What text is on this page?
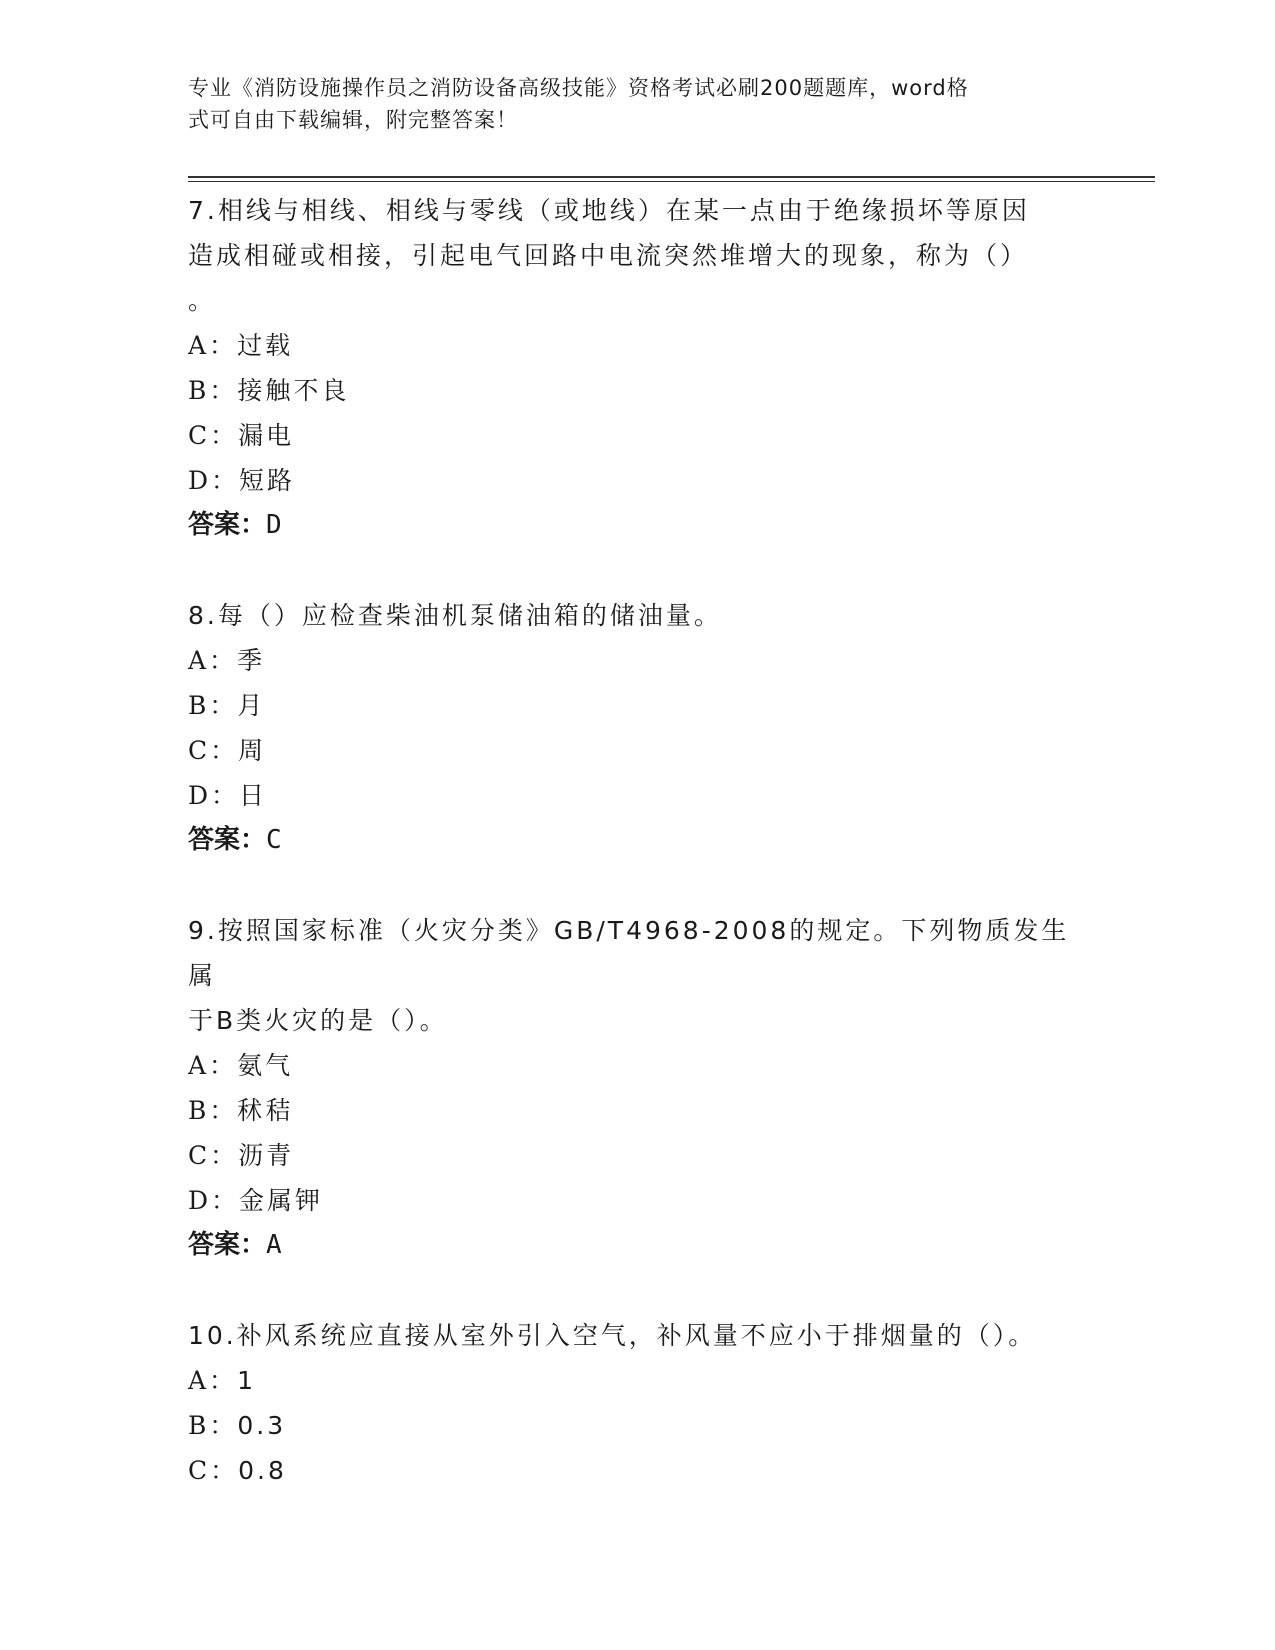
专业《消防设施操作员之消防设备高级技能》资格考试必刷200题题库，word格
式可自由下载编辑，附完整答案！

7.相线与相线、相线与零线（或地线）在某一点由于绝缘损坏等原因

造成相碰或相接，引起电气回路中电流突然堆增大的现象，称为（）

。

A：过载

B：接触不良

C：漏电

D：短路

答案：D

8.每（）应检查柴油机泵储油箱的储油量。

A：季

B：月

C：周

D：日

答案：C

9.按照国家标准（火灾分类》GB/T4968-2008的规定。下列物质发生属

于B类火灾的是（）。

A：氨气

B：秫秸

C：沥青

D：金属钾

答案：A

10.补风系统应直接从室外引入空气，补风量不应小于排烟量的（）。

A：1

B：0.3

C：0.8
